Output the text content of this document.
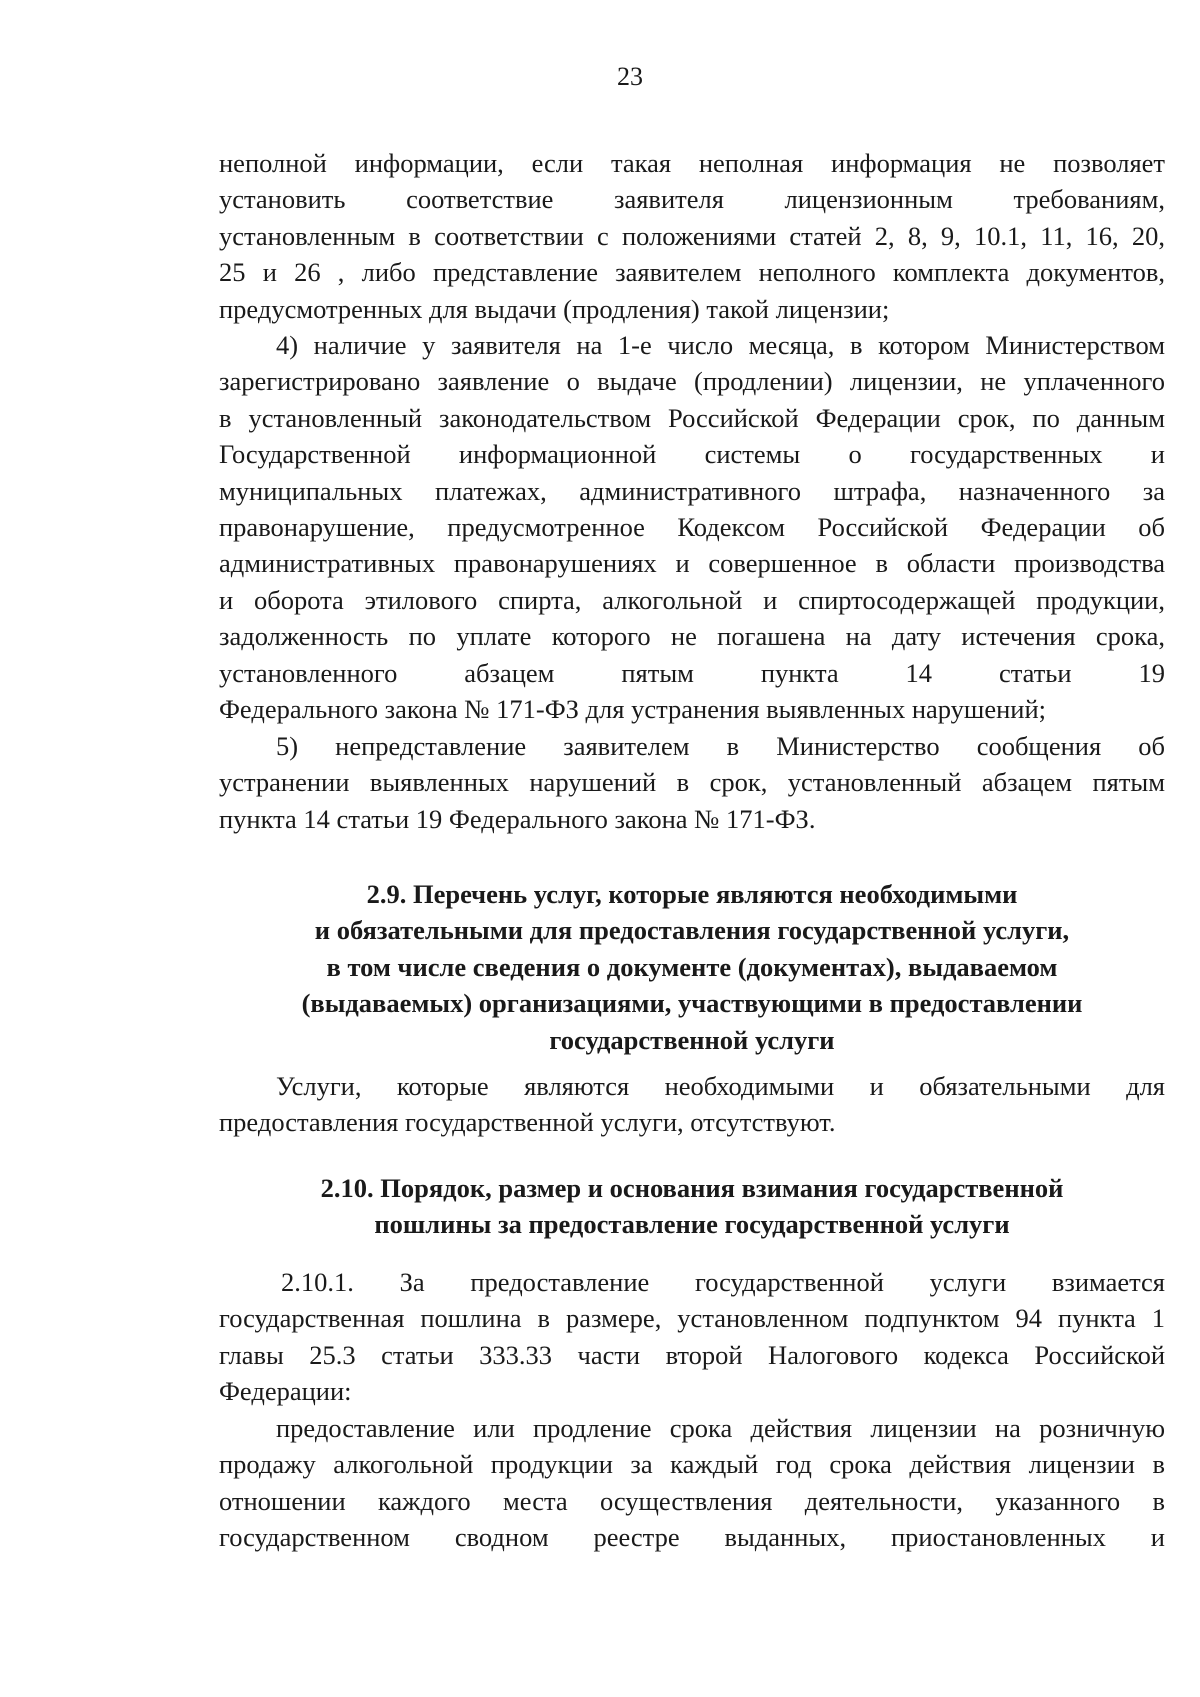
23
неполной информации, если такая неполная информация не позволяет
установить соответствие заявителя лицензионным требованиям,
установленным в соответствии с положениями статей 2, 8, 9, 10.1, 11, 16, 20,
25 и 26 , либо представление заявителем неполного комплекта документов,
предусмотренных для выдачи (продления) такой лицензии;
4) наличие у заявителя на 1-е число месяца, в котором Министерством
зарегистрировано заявление о выдаче (продлении) лицензии, не уплаченного
в установленный законодательством Российской Федерации срок, по данным
Государственной информационной системы о государственных и
муниципальных платежах, административного штрафа, назначенного за
правонарушение, предусмотренное Кодексом Российской Федерации об
административных правонарушениях и совершенное в области производства
и оборота этилового спирта, алкогольной и спиртосодержащей продукции,
задолженность по уплате которого не погашена на дату истечения срока,
установленного абзацем пятым пункта 14 статьи 19
Федерального закона № 171-ФЗ для устранения выявленных нарушений;
5) непредставление заявителем в Министерство сообщения об
устранении выявленных нарушений в срок, установленный абзацем пятым
пункта 14 статьи 19 Федерального закона № 171-ФЗ.
2.9. Перечень услуг, которые являются необходимыми
и обязательными для предоставления государственной услуги,
в том числе сведения о документе (документах), выдаваемом
(выдаваемых) организациями, участвующими в предоставлении
государственной услуги
Услуги, которые являются необходимыми и обязательными для
предоставления государственной услуги, отсутствуют.
2.10. Порядок, размер и основания взимания государственной
пошлины за предоставление государственной услуги
2.10.1. За предоставление государственной услуги взимается
государственная пошлина в размере, установленном подпунктом 94 пункта 1
главы 25.3 статьи 333.33 части второй Налогового кодекса Российской
Федерации:
предоставление или продление срока действия лицензии на розничную
продажу алкогольной продукции за каждый год срока действия лицензии в
отношении каждого места осуществления деятельности, указанного в
государственном сводном реестре выданных, приостановленных и
